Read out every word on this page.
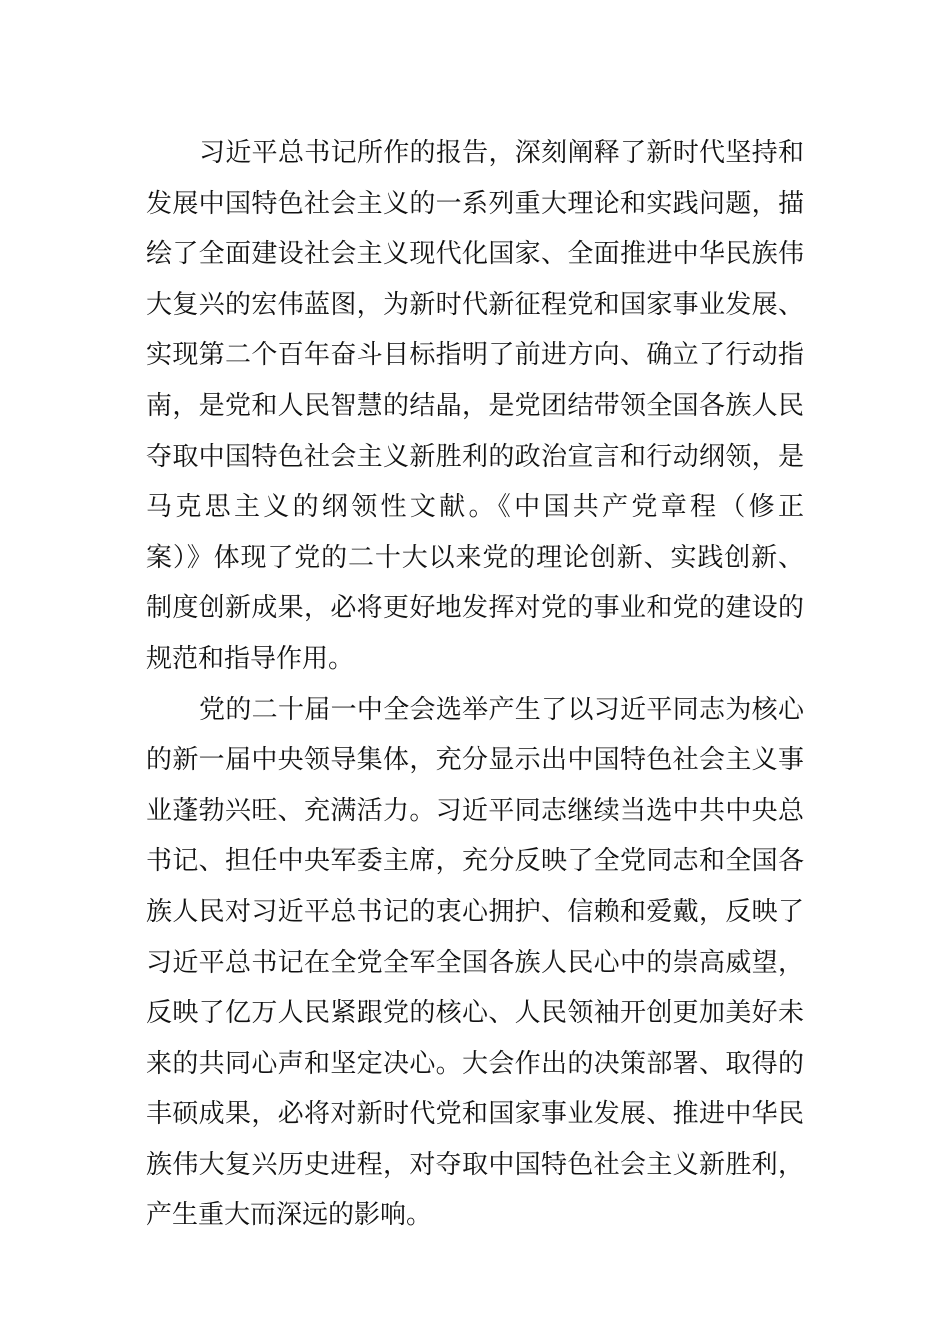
习近平总书记所作的报告，深刻阐释了新时代坚持和
发展中国特色社会主义的一系列重大理论和实践问题，描
绘了全面建设社会主义现代化国家、全面推进中华民族伟
大复兴的宏伟蓝图，为新时代新征程党和国家事业发展、
实现第二个百年奋斗目标指明了前进方向、确立了行动指
南，是党和人民智慧的结晶，是党团结带领全国各族人民
夺取中国特色社会主义新胜利的政治宣言和行动纲领，是
马克思主义的纲领性文献。《中国共产党章程（修正
案）》体现了党的二十大以来党的理论创新、实践创新、
制度创新成果，必将更好地发挥对党的事业和党的建设的
规范和指导作用。

党的二十届一中全会选举产生了以习近平同志为核心
的新一届中央领导集体，充分显示出中国特色社会主义事
业蓬勃兴旺、充满活力。习近平同志继续当选中共中央总
书记、担任中央军委主席，充分反映了全党同志和全国各
族人民对习近平总书记的衷心拥护、信赖和爱戴，反映了
习近平总书记在全党全军全国各族人民心中的崇高威望，
反映了亿万人民紧跟党的核心、人民领袖开创更加美好未
来的共同心声和坚定决心。大会作出的决策部署、取得的
丰硕成果，必将对新时代党和国家事业发展、推进中华民
族伟大复兴历史进程，对夺取中国特色社会主义新胜利，
产生重大而深远的影响。
